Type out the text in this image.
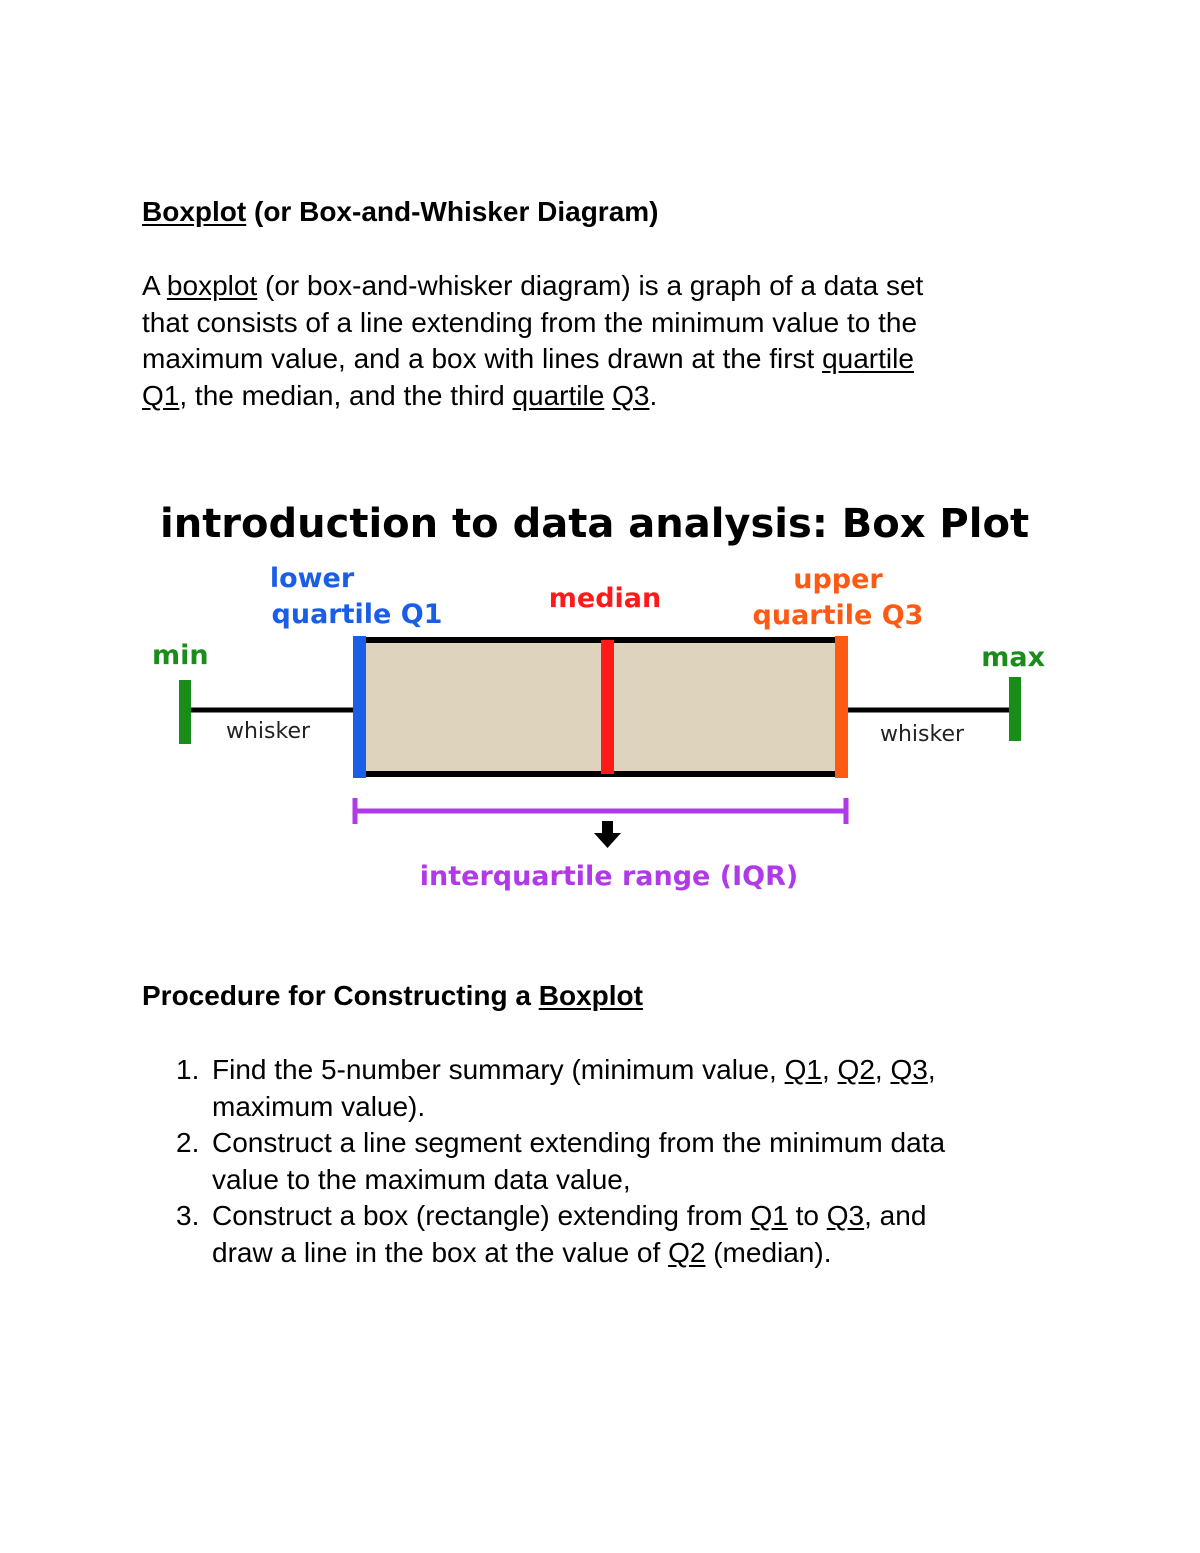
Boxplot (or Box-and-Whisker Diagram)
A boxplot (or box-and-whisker diagram) is a graph of a data set
that consists of a line extending from the minimum value to the
maximum value, and a box with lines drawn at the first quartile
Q1, the median, and the third quartile Q3.
introduction to data analysis: Box Plot
lower
quartile Q1
median
upper
quartile Q3
min	max
whisker	whisker
interquartile range (IQR)
Procedure for Constructing a Boxplot
1. Find the 5-number summary (minimum value, Q1, Q2, Q3,
maximum value).
2. Construct a line segment extending from the minimum data
value to the maximum data value,
3. Construct a box (rectangle) extending from Q1 to Q3, and
draw a line in the box at the value of Q2 (median).
